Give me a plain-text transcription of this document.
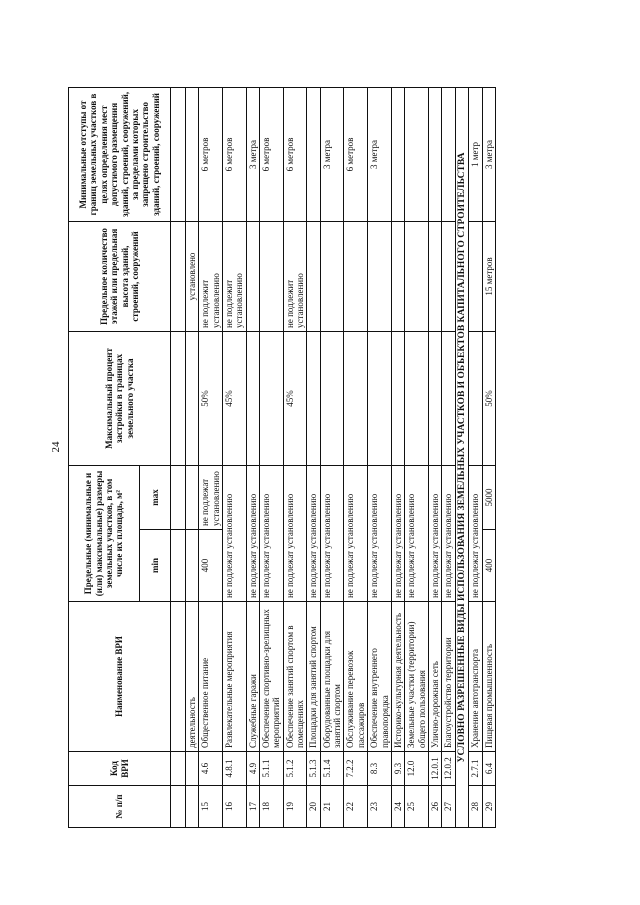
24
№ п/п	Код ВРИ	Наименование ВРИ	Предельные (минимальные и (или) максимальные) размеры земельных участков, в том числе их площадь, м²		Максимальный процент застройки в границах земельного участка	Предельное количество этажей или предельная высота зданий, строений, сооружений	Минимальные отступы от границ земельных участков в целях определения мест допустимого размещения зданий, строений, сооружений, за пределами которых запрещено строительство зданий, строений, сооружений
			min	max			

		деятельность				установлено	
15	4.6	Общественное питание	400	не подлежат установлению	50%	не подлежит установлению	6 метров
16	4.8.1	Развлекательные мероприятия	не подлежат установлению		45%	не подлежит установлению	6 метров
17	4.9	Служебные гаражи	не подлежат установлению				3 метра
18	5.1.1	Обеспечение спортивно-зрелищных мероприятий	не подлежат установлению				6 метров
19	5.1.2	Обеспечение занятий спортом в помещениях	не подлежат установлению		45%	не подлежит установлению	6 метров
20	5.1.3	Площадки для занятий спортом	не подлежат установлению				
21	5.1.4	Оборудованные площадки для занятий спортом	не подлежат установлению				3 метра
22	7.2.2	Обслуживание перевозок пассажиров	не подлежат установлению				6 метров
23	8.3	Обеспечение внутреннего правопорядка	не подлежат установлению				3 метра
24	9.3	Историко-культурная деятельность	не подлежат установлению				
25	12.0	Земельные участки (территории) общего пользования	не подлежат установлению				
26	12.0.1	Улично-дорожная сеть	не подлежат установлению				
27	12.0.2	Благоустройство территории	не подлежат установлению				
УСЛОВНО РАЗРЕШЕННЫЕ ВИДЫ ИСПОЛЬЗОВАНИЯ ЗЕМЕЛЬНЫХ УЧАСТКОВ И ОБЪЕКТОВ КАПИТАЛЬНОГО СТРОИТЕЛЬСТВА							
28	2.7.1	Хранение автотранспорта	не подлежат установлению				1 метр
29	6.4	Пищевая промышленность	400	5000	50%	15 метров	3 метра
